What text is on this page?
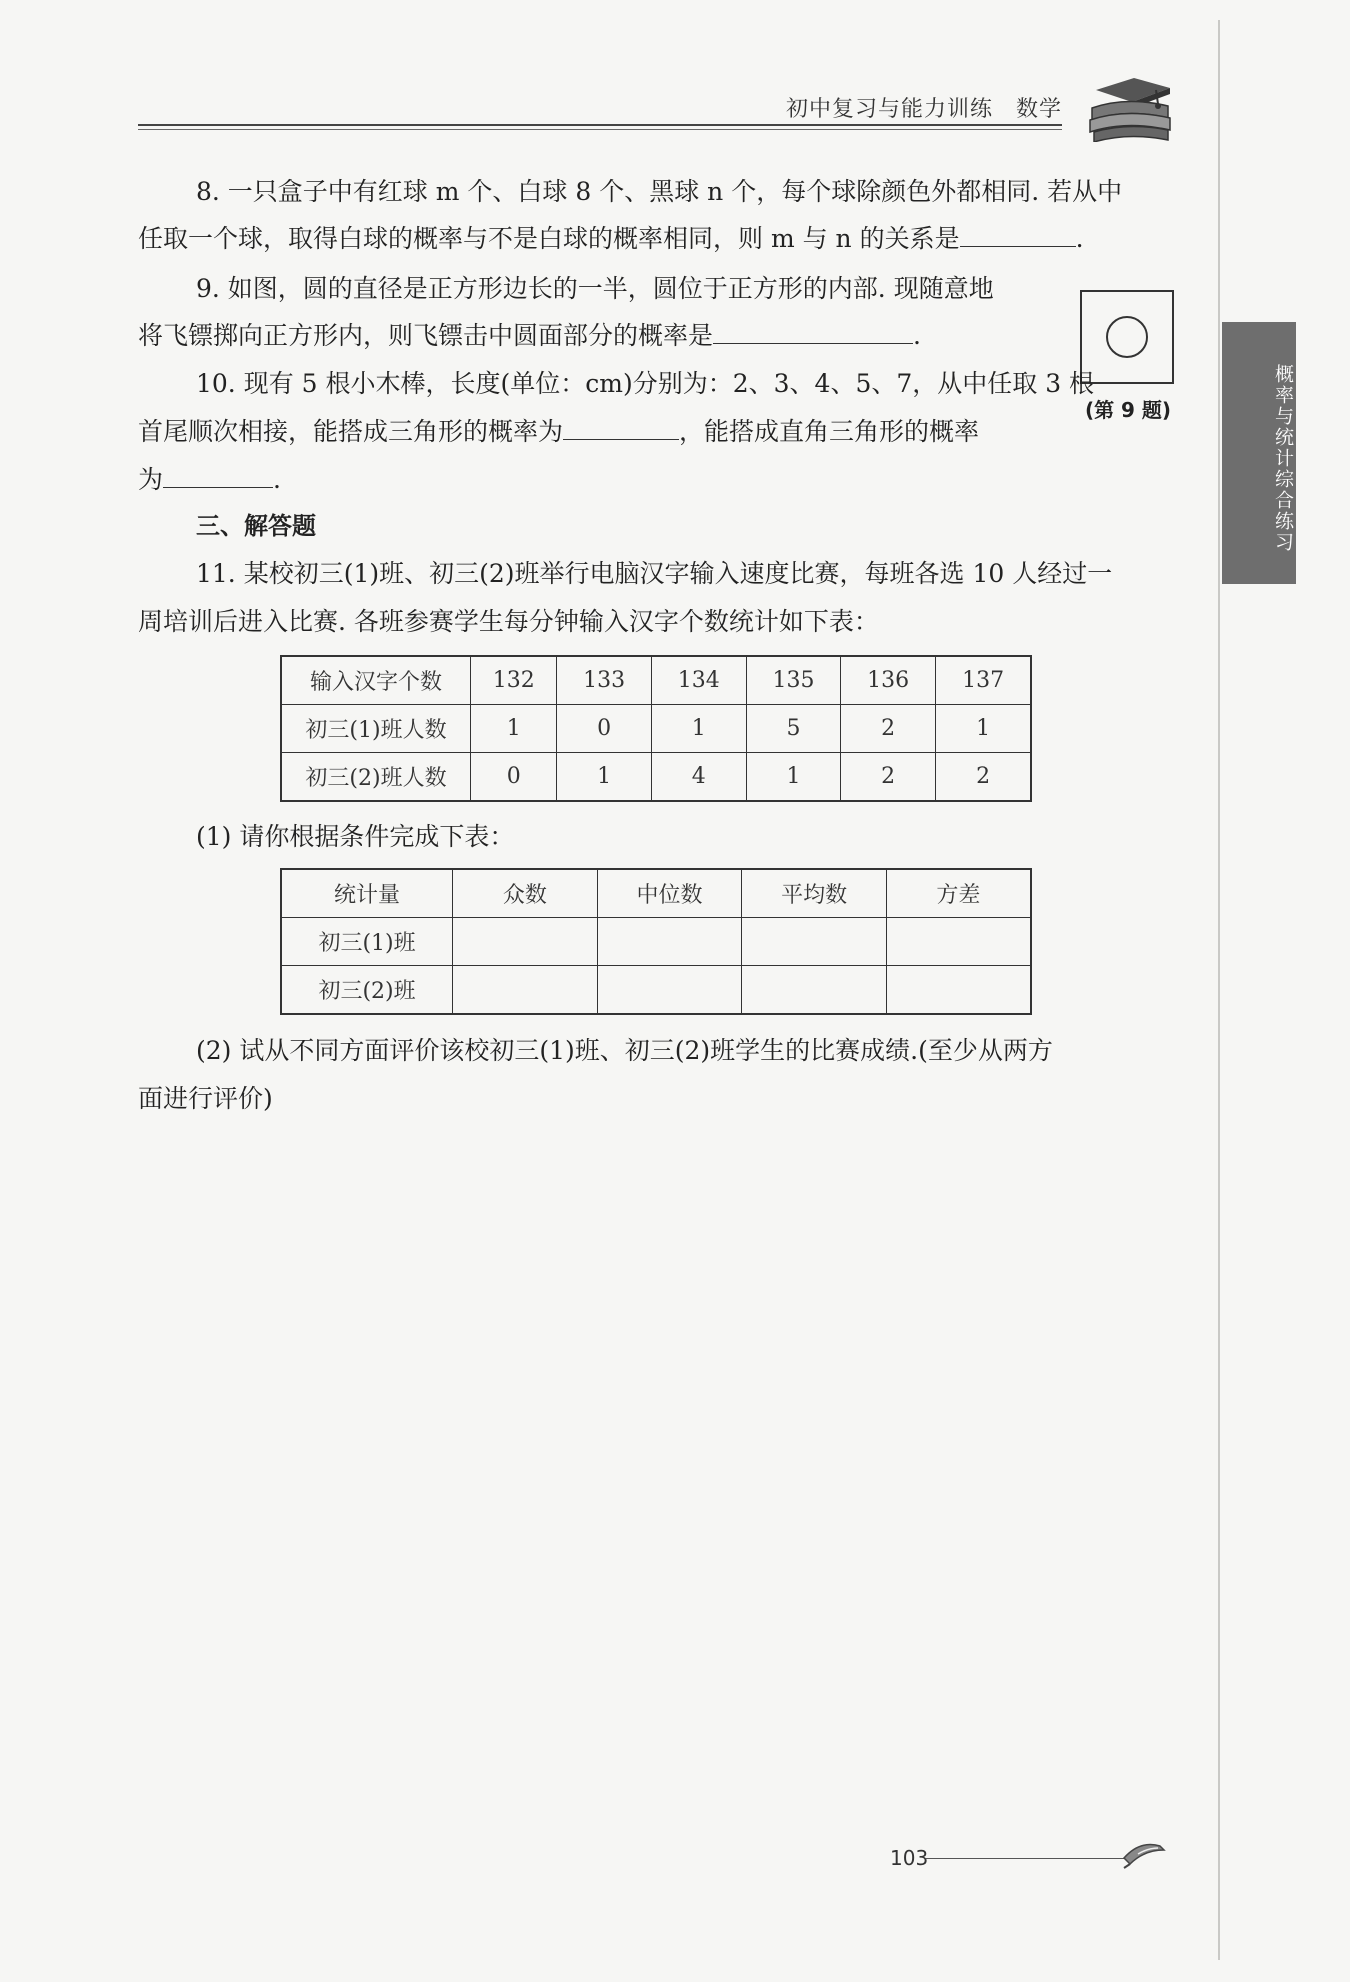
初中复习与能力训练　数学
概率与统计综合练习
8. 一只盒子中有红球 m 个、白球 8 个、黑球 n 个，每个球除颜色外都相同. 若从中
任取一个球，取得白球的概率与不是白球的概率相同，则 m 与 n 的关系是	.
9. 如图，圆的直径是正方形边长的一半，圆位于正方形的内部. 现随意地
将飞镖掷向正方形内，则飞镖击中圆面部分的概率是	.
(第 9 题)
10. 现有 5 根小木棒，长度(单位：cm)分别为：2、3、4、5、7，从中任取 3 根
首尾顺次相接，能搭成三角形的概率为	，能搭成直角三角形的概率
为	.
三、解答题
11. 某校初三(1)班、初三(2)班举行电脑汉字输入速度比赛，每班各选 10 人经过一
周培训后进入比赛. 各班参赛学生每分钟输入汉字个数统计如下表：
输入汉字个数	132	133	134	135	136	137
初三(1)班人数	1	0	1	5	2	1
初三(2)班人数	0	1	4	1	2	2
(1) 请你根据条件完成下表：
统计量	众数	中位数	平均数	方差
初三(1)班				
初三(2)班				
(2) 试从不同方面评价该校初三(1)班、初三(2)班学生的比赛成绩.(至少从两方
面进行评价)
103
